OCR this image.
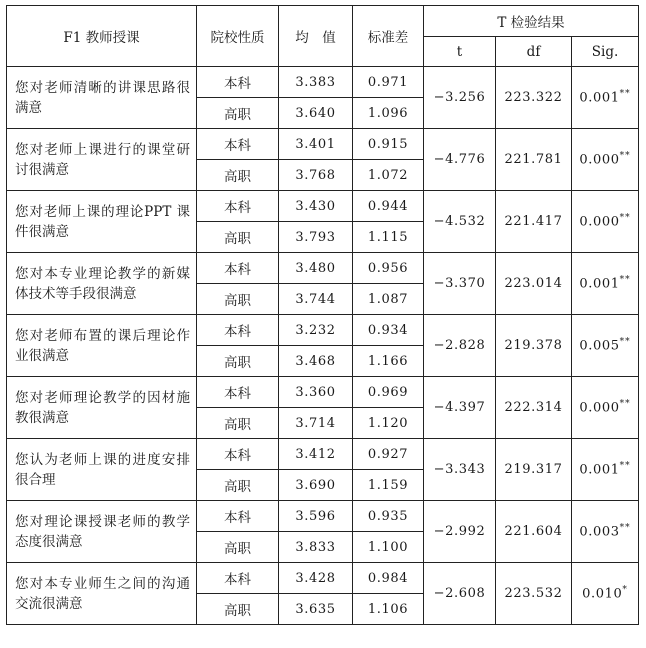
F1 教师授课	院校性质	均　值	标准差	T 检验结果		
				t	df	Sig.
您对老师清晰的讲课思路很满意	本科	3.383	0.971	−3.256	223.322	0.001**
	高职	3.640	1.096			
您对老师上课进行的课堂研讨很满意	本科	3.401	0.915	−4.776	221.781	0.000**
	高职	3.768	1.072			
您对老师上课的理论PPT 课件很满意	本科	3.430	0.944	−4.532	221.417	0.000**
	高职	3.793	1.115			
您对本专业理论教学的新媒体技术等手段很满意	本科	3.480	0.956	−3.370	223.014	0.001**
	高职	3.744	1.087			
您对老师布置的课后理论作业很满意	本科	3.232	0.934	−2.828	219.378	0.005**
	高职	3.468	1.166			
您对老师理论教学的因材施教很满意	本科	3.360	0.969	−4.397	222.314	0.000**
	高职	3.714	1.120			
您认为老师上课的进度安排很合理	本科	3.412	0.927	−3.343	219.317	0.001**
	高职	3.690	1.159			
您对理论课授课老师的教学态度很满意	本科	3.596	0.935	−2.992	221.604	0.003**
	高职	3.833	1.100			
您对本专业师生之间的沟通交流很满意	本科	3.428	0.984	−2.608	223.532	0.010*
	高职	3.635	1.106			
